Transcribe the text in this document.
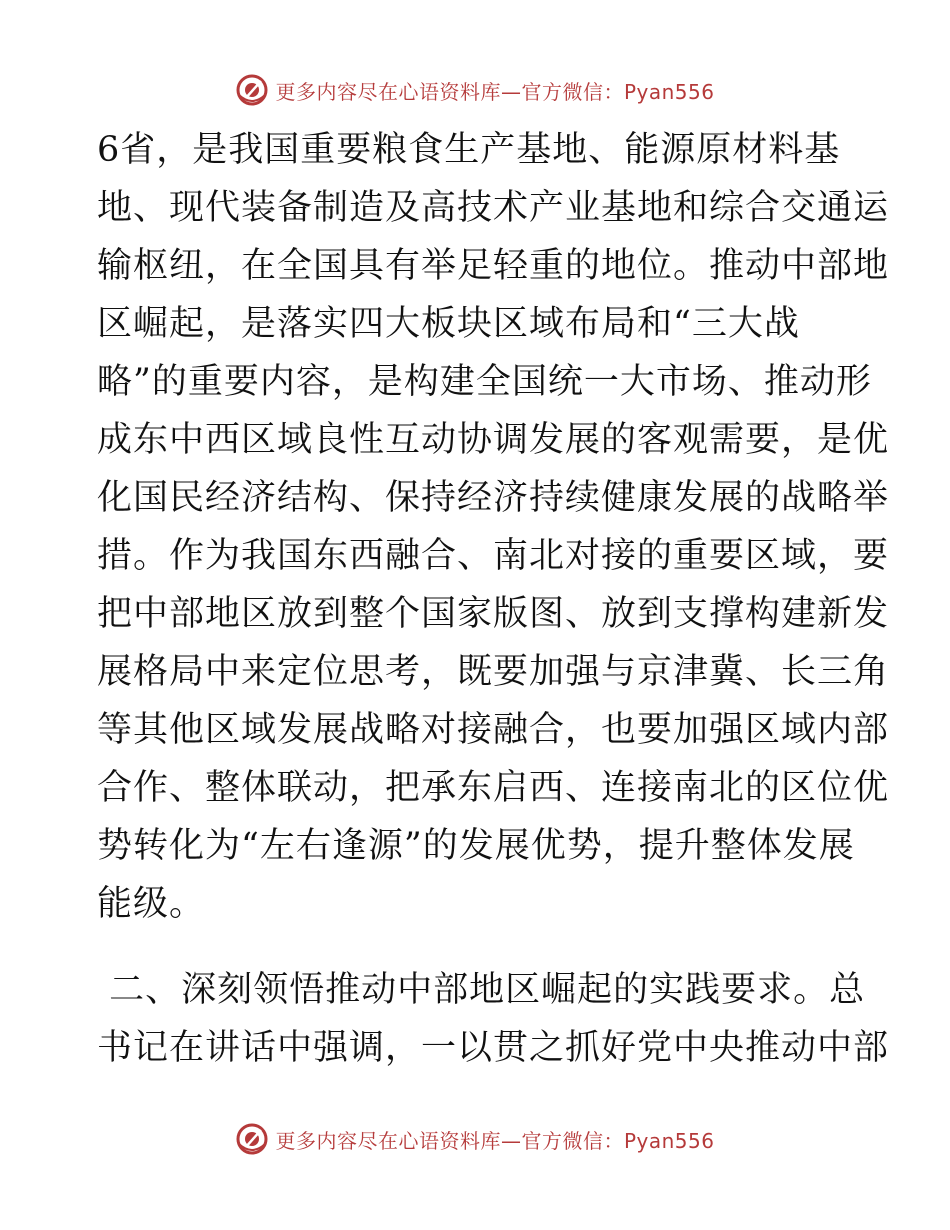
更多内容尽在心语资料库—官方微信：Pyan556
6省，是我国重要粮食生产基地、能源原材料基
地、现代装备制造及高技术产业基地和综合交通运
输枢纽，在全国具有举足轻重的地位。推动中部地
区崛起，是落实四大板块区域布局和“三大战
略”的重要内容，是构建全国统一大市场、推动形
成东中西区域良性互动协调发展的客观需要，是优
化国民经济结构、保持经济持续健康发展的战略举
措。作为我国东西融合、南北对接的重要区域，要
把中部地区放到整个国家版图、放到支撑构建新发
展格局中来定位思考，既要加强与京津冀、长三角
等其他区域发展战略对接融合，也要加强区域内部
合作、整体联动，把承东启西、连接南北的区位优
势转化为“左右逢源”的发展优势，提升整体发展
能级。
二、深刻领悟推动中部地区崛起的实践要求。总
书记在讲话中强调，一以贯之抓好党中央推动中部
更多内容尽在心语资料库—官方微信：Pyan556
